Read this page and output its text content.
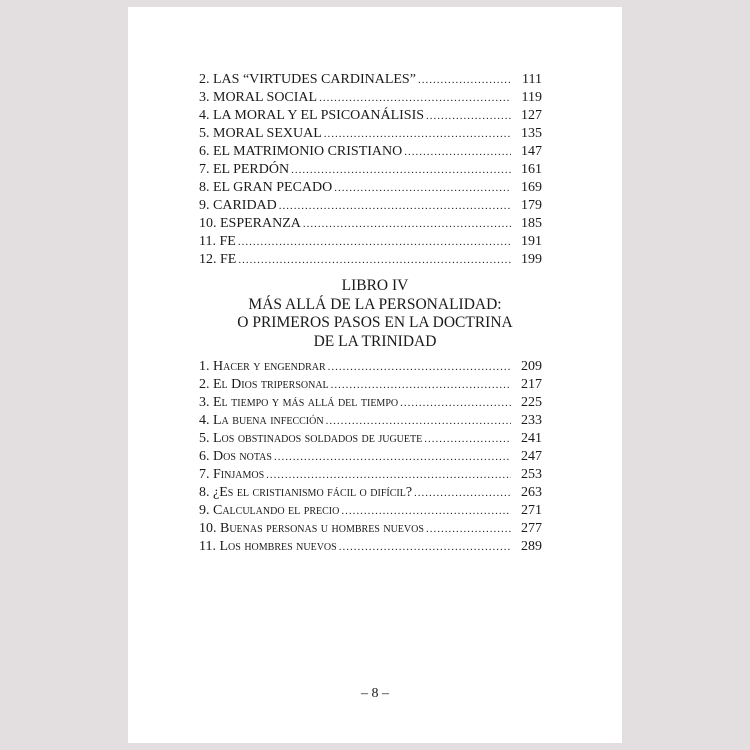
2. LAS “VIRTUDES CARDINALES” .....	111
3. MORAL SOCIAL .....	119
4. LA MORAL Y EL PSICOANÁLISIS .....	127
5. MORAL SEXUAL .....	135
6. EL MATRIMONIO CRISTIANO .....	147
7. EL PERDÓN .....	161
8. EL GRAN PECADO .....	169
9. CARIDAD .....	179
10. ESPERANZA .....	185
11. FE .....	191
12. FE .....	199
LIBRO IV
MÁS ALLÁ DE LA PERSONALIDAD:
O PRIMEROS PASOS EN LA DOCTRINA
DE LA TRINIDAD
1. Hacer y engendrar .....	209
2. El Dios tripersonal .....	217
3. El tiempo y más allá del tiempo .....	225
4. La buena infección .....	233
5. Los obstinados soldados de juguete .....	241
6. Dos notas .....	247
7. Finjamos .....	253
8. ¿Es el cristianismo fácil o difícil? .....	263
9. Calculando el precio .....	271
10. Buenas personas u hombres nuevos .....	277
11. Los hombres nuevos .....	289
– 8 –
